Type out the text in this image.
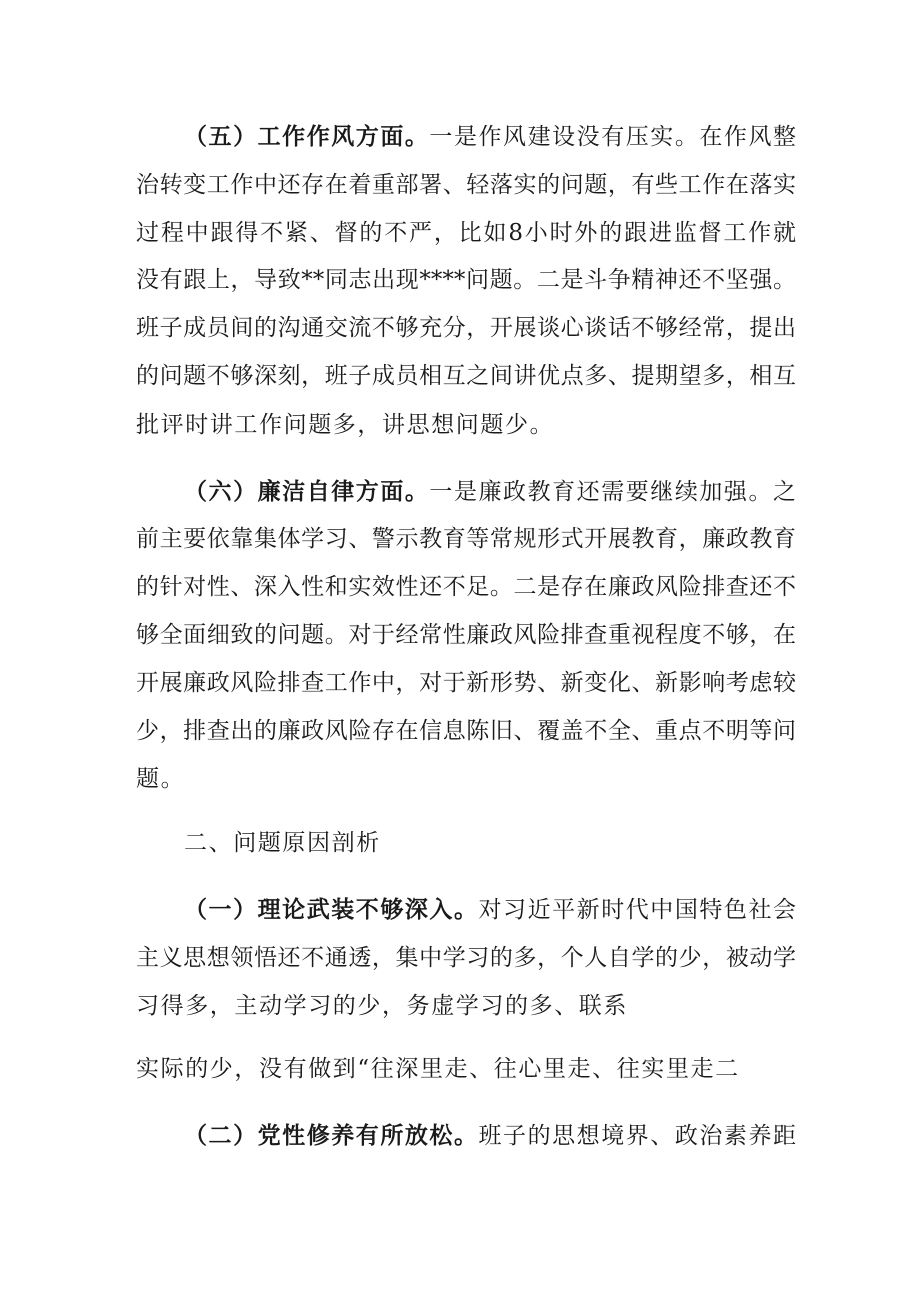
（五）工作作风方面。一是作风建设没有压实。在作风整
治转变工作中还存在着重部署、轻落实的问题，有些工作在落实
过程中跟得不紧、督的不严，比如8小时外的跟进监督工作就
没有跟上，导致**同志出现****问题。二是斗争精神还不坚强。
班子成员间的沟通交流不够充分，开展谈心谈话不够经常，提出
的问题不够深刻，班子成员相互之间讲优点多、提期望多，相互
批评时讲工作问题多，讲思想问题少。
（六）廉洁自律方面。一是廉政教育还需要继续加强。之
前主要依靠集体学习、警示教育等常规形式开展教育，廉政教育
的针对性、深入性和实效性还不足。二是存在廉政风险排查还不
够全面细致的问题。对于经常性廉政风险排查重视程度不够，在
开展廉政风险排查工作中，对于新形势、新变化、新影响考虑较
少，排查出的廉政风险存在信息陈旧、覆盖不全、重点不明等问
题。
二、问题原因剖析
（一）理论武装不够深入。对习近平新时代中国特色社会
主义思想领悟还不通透，集中学习的多，个人自学的少，被动学
习得多，主动学习的少，务虚学习的多、联系
实际的少，没有做到“往深里走、往心里走、往实里走二
（二）党性修养有所放松。班子的思想境界、政治素养距
